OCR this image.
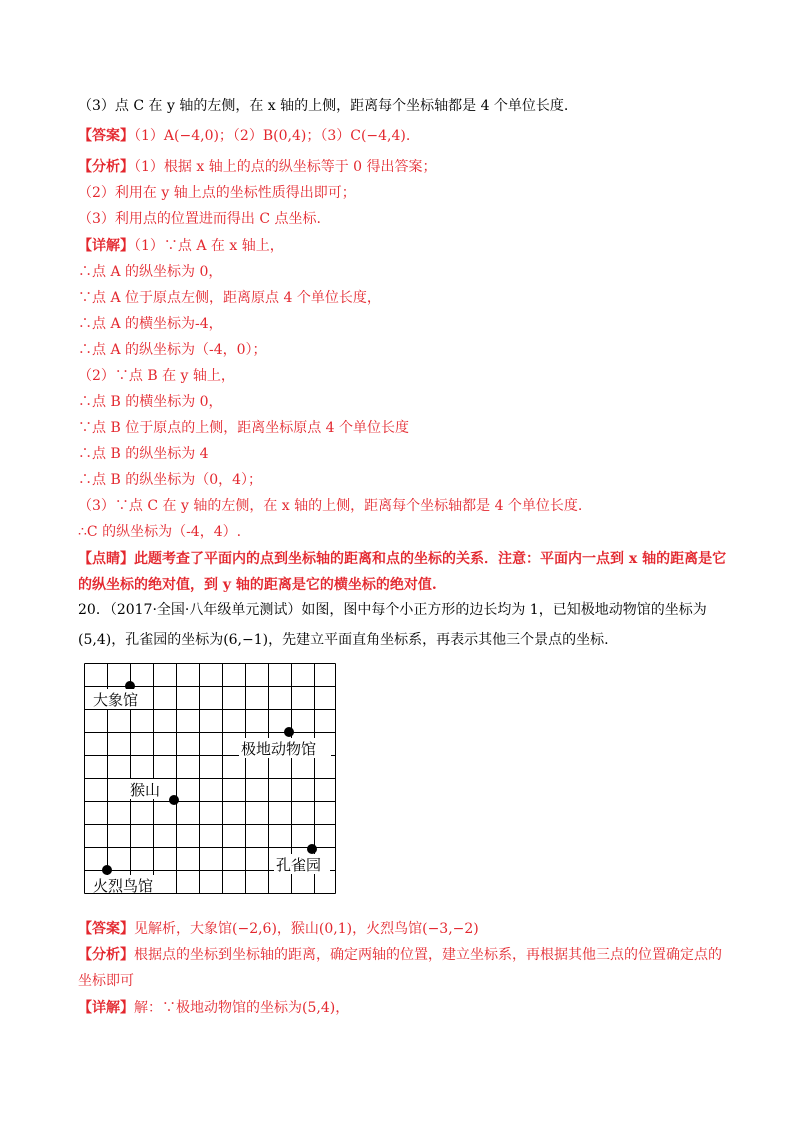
（3）点 C 在 y 轴的左侧，在 x 轴的上侧，距离每个坐标轴都是 4 个单位长度.
【答案】（1）A(−4,0)；（2）B(0,4)；（3）C(−4,4).
【分析】（1）根据 x 轴上的点的纵坐标等于 0 得出答案；
（2）利用在 y 轴上点的坐标性质得出即可；
（3）利用点的位置进而得出 C 点坐标.
【详解】（1）∵点 A 在 x 轴上，
∴点 A 的纵坐标为 0，
∵点 A 位于原点左侧，距离原点 4 个单位长度，
∴点 A 的横坐标为-4，
∴点 A 的纵坐标为（-4，0）；
（2）∵点 B 在 y 轴上，
∴点 B 的横坐标为 0，
∵点 B 位于原点的上侧，距离坐标原点 4 个单位长度
∴点 B 的纵坐标为 4
∴点 B 的纵坐标为（0，4）；
（3）∵点 C 在 y 轴的左侧，在 x 轴的上侧，距离每个坐标轴都是 4 个单位长度.
∴C 的纵坐标为（-4，4）.
【点睛】此题考查了平面内的点到坐标轴的距离和点的坐标的关系．注意：平面内一点到 x 轴的距离是它
的纵坐标的绝对值，到 y 轴的距离是它的横坐标的绝对值.
20．（2017·全国·八年级单元测试）如图，图中每个小正方形的边长均为 1，已知极地动物馆的坐标为
(5,4)，孔雀园的坐标为(6,−1)，先建立平面直角坐标系，再表示其他三个景点的坐标.
大象馆
极地动物馆
猴山
孔雀园
火烈鸟馆
【答案】见解析，大象馆(−2,6)，猴山(0,1)，火烈鸟馆(−3,−2)
【分析】根据点的坐标到坐标轴的距离，确定两轴的位置，建立坐标系，再根据其他三点的位置确定点的
坐标即可
【详解】解：∵极地动物馆的坐标为(5,4)，
